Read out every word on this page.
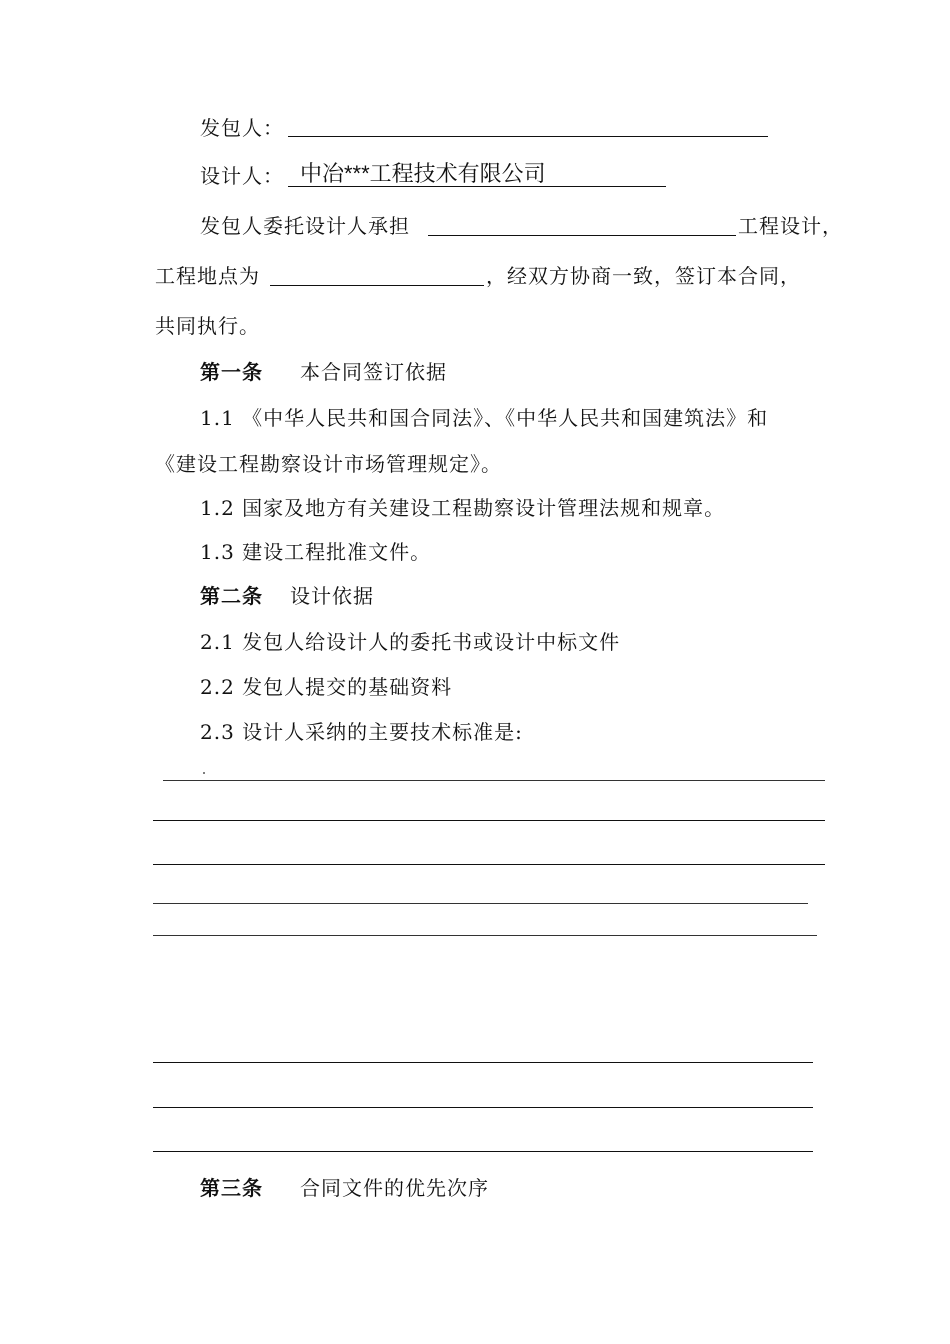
发包人：
设计人： 中冶***工程技术有限公司
发包人委托设计人承担	工程设计，
工程地点为	，经双方协商一致，签订本合同，
共同执行。
第一条 本合同签订依据
1.1 《中华人民共和国合同法》、《中华人民共和国建筑法》和
《建设工程勘察设计市场管理规定》。
1.2 国家及地方有关建设工程勘察设计管理法规和规章。
1.3 建设工程批准文件。
第二条 设计依据
2.1 发包人给设计人的委托书或设计中标文件
2.2 发包人提交的基础资料
2.3 设计人采纳的主要技术标准是:
第三条 合同文件的优先次序
